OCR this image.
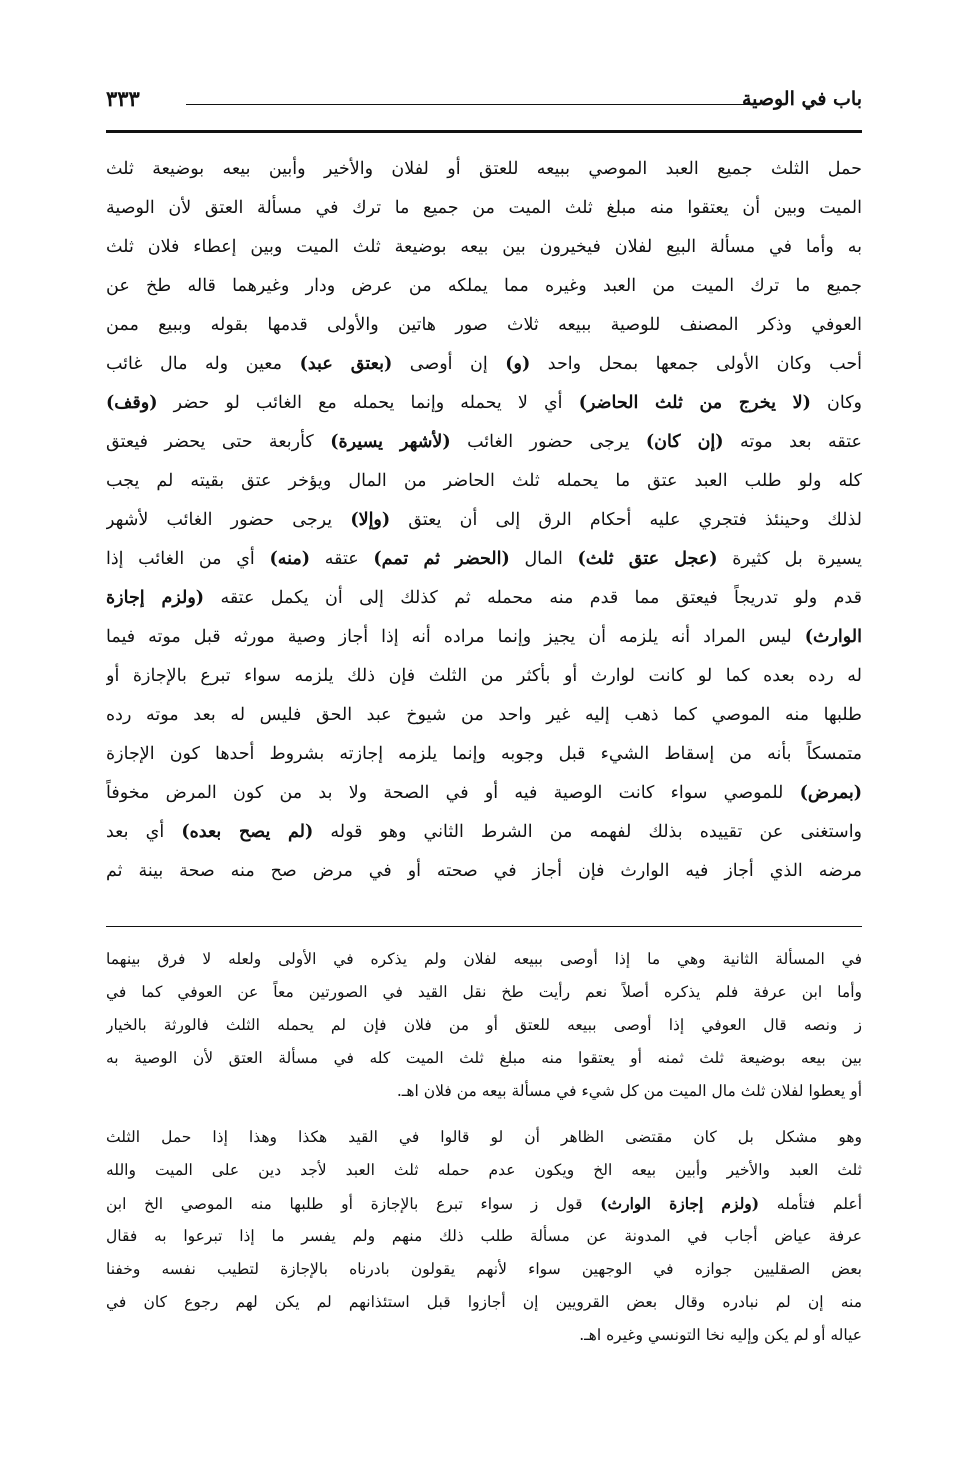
باب في الوصية
٣٣٣
حمل الثلث جميع العبد الموصي ببيعه للعتق أو لفلان والأخير وأبين بيعه بوضيعة ثلث
الميت وبين أن يعتقوا منه مبلغ ثلث الميت من جميع ما ترك في مسألة العتق لأن الوصية
به وأما في مسألة البيع لفلان فيخيرون بين بيعه بوضيعة ثلث الميت وبين إعطاء فلان ثلث
جميع ما ترك الميت من العبد وغيره مما يملكه من عرض ودار وغيرهما قاله طخ عن
العوفي وذكر المصنف للوصية ببيعه ثلاث صور هاتين والأولى قدمها بقوله وببيع ممن
أحب وكان الأولى جمعها بمحل واحد (و) إن أوصى (بعتق عبد) معين وله مال غائب
وكان (لا يخرج من ثلث الحاضر) أي لا يحمله وإنما يحمله مع الغائب لو حضر (وقف)
عتقه بعد موته (إن كان) يرجى حضور الغائب (لأشهر يسيرة) كأربعة حتى يحضر فيعتق
كله ولو طلب العبد عتق ما يحمله ثلث الحاضر من المال ويؤخر عتق بقيته لم يجب
لذلك وحينئذ فتجري عليه أحكام الرق إلى أن يعتق (وإلا) يرجى حضور الغائب لأشهر
يسيرة بل كثيرة (عجل عتق ثلث) المال (الحضر ثم تمم) عتقه (منه) أي من الغائب إذا
قدم ولو تدريجاً فيعتق مما قدم منه محمله ثم كذلك إلى أن يكمل عتقه (ولزم إجازة
الوارث) ليس المراد أنه يلزمه أن يجيز وإنما مراده أنه إذا أجاز وصية مورثه قبل موته فيما
له رده بعده كما لو كانت لوارث أو بأكثر من الثلث فإن ذلك يلزمه سواء تبرع بالإجازة أو
طلبها منه الموصي كما ذهب إليه غير واحد من شيوخ عبد الحق فليس له بعد موته رده
متمسكاً بأنه من إسقاط الشيء قبل وجوبه وإنما يلزمه إجازته بشروط أحدها كون الإجازة
(بمرض) للموصي سواء كانت الوصية فيه أو في الصحة ولا بد من كون المرض مخوفاً
واستغنى عن تقييده بذلك لفهمه من الشرط الثاني وهو قوله (لم يصح بعده) أي بعد
مرضه الذي أجاز فيه الوارث فإن أجاز في صحته أو في مرض صح منه صحة بينة ثم
في المسألة الثانية وهي ما إذا أوصى ببيعه لفلان ولم يذكره في الأولى ولعله لا فرق بينهما
وأما ابن عرفة فلم يذكره أصلاً نعم رأيت طخ نقل القيد في الصورتين معاً عن العوفي كما في
ز ونصه قال العوفي إذا أوصى ببيعه للعتق أو من فلان فإن لم يحمله الثلث فالورثة بالخيار
بين بيعه بوضيعة ثلث ثمنه أو يعتقوا منه مبلغ ثلث الميت كله في مسألة العتق لأن الوصية به
أو يعطوا لفلان ثلث مال الميت من كل شيء في مسألة بيعه من فلان اهـ.
وهو مشكل بل كان مقتضى الظاهر أن لو قالوا في القيد هكذا وهذا إذا حمل الثلث
ثلث العبد والأخير وأبين بيعه الخ ويكون عدم حمله ثلث العبد لأجد دين على الميت والله
أعلم فتأمله (ولزم إجازة الوارث) قول ز سواء تبرع بالإجازة أو طلبها منه الموصي الخ ابن
عرفة عياض أجاب في المدونة عن مسألة طلب ذلك منهم ولم يفسر ما إذا تبرعوا به فقال
بعض الصقليين جوازه في الوجهين سواء لأنهم يقولون بادرناه بالإجازة لتطيب نفسه وخفنا
منه إن لم نبادره وقال بعض القرويين إن أجازوا قبل استئذانهم لم يكن لهم رجوع كان في
عياله أو لم يكن وإليه نخا التونسي وغيره اهـ.
